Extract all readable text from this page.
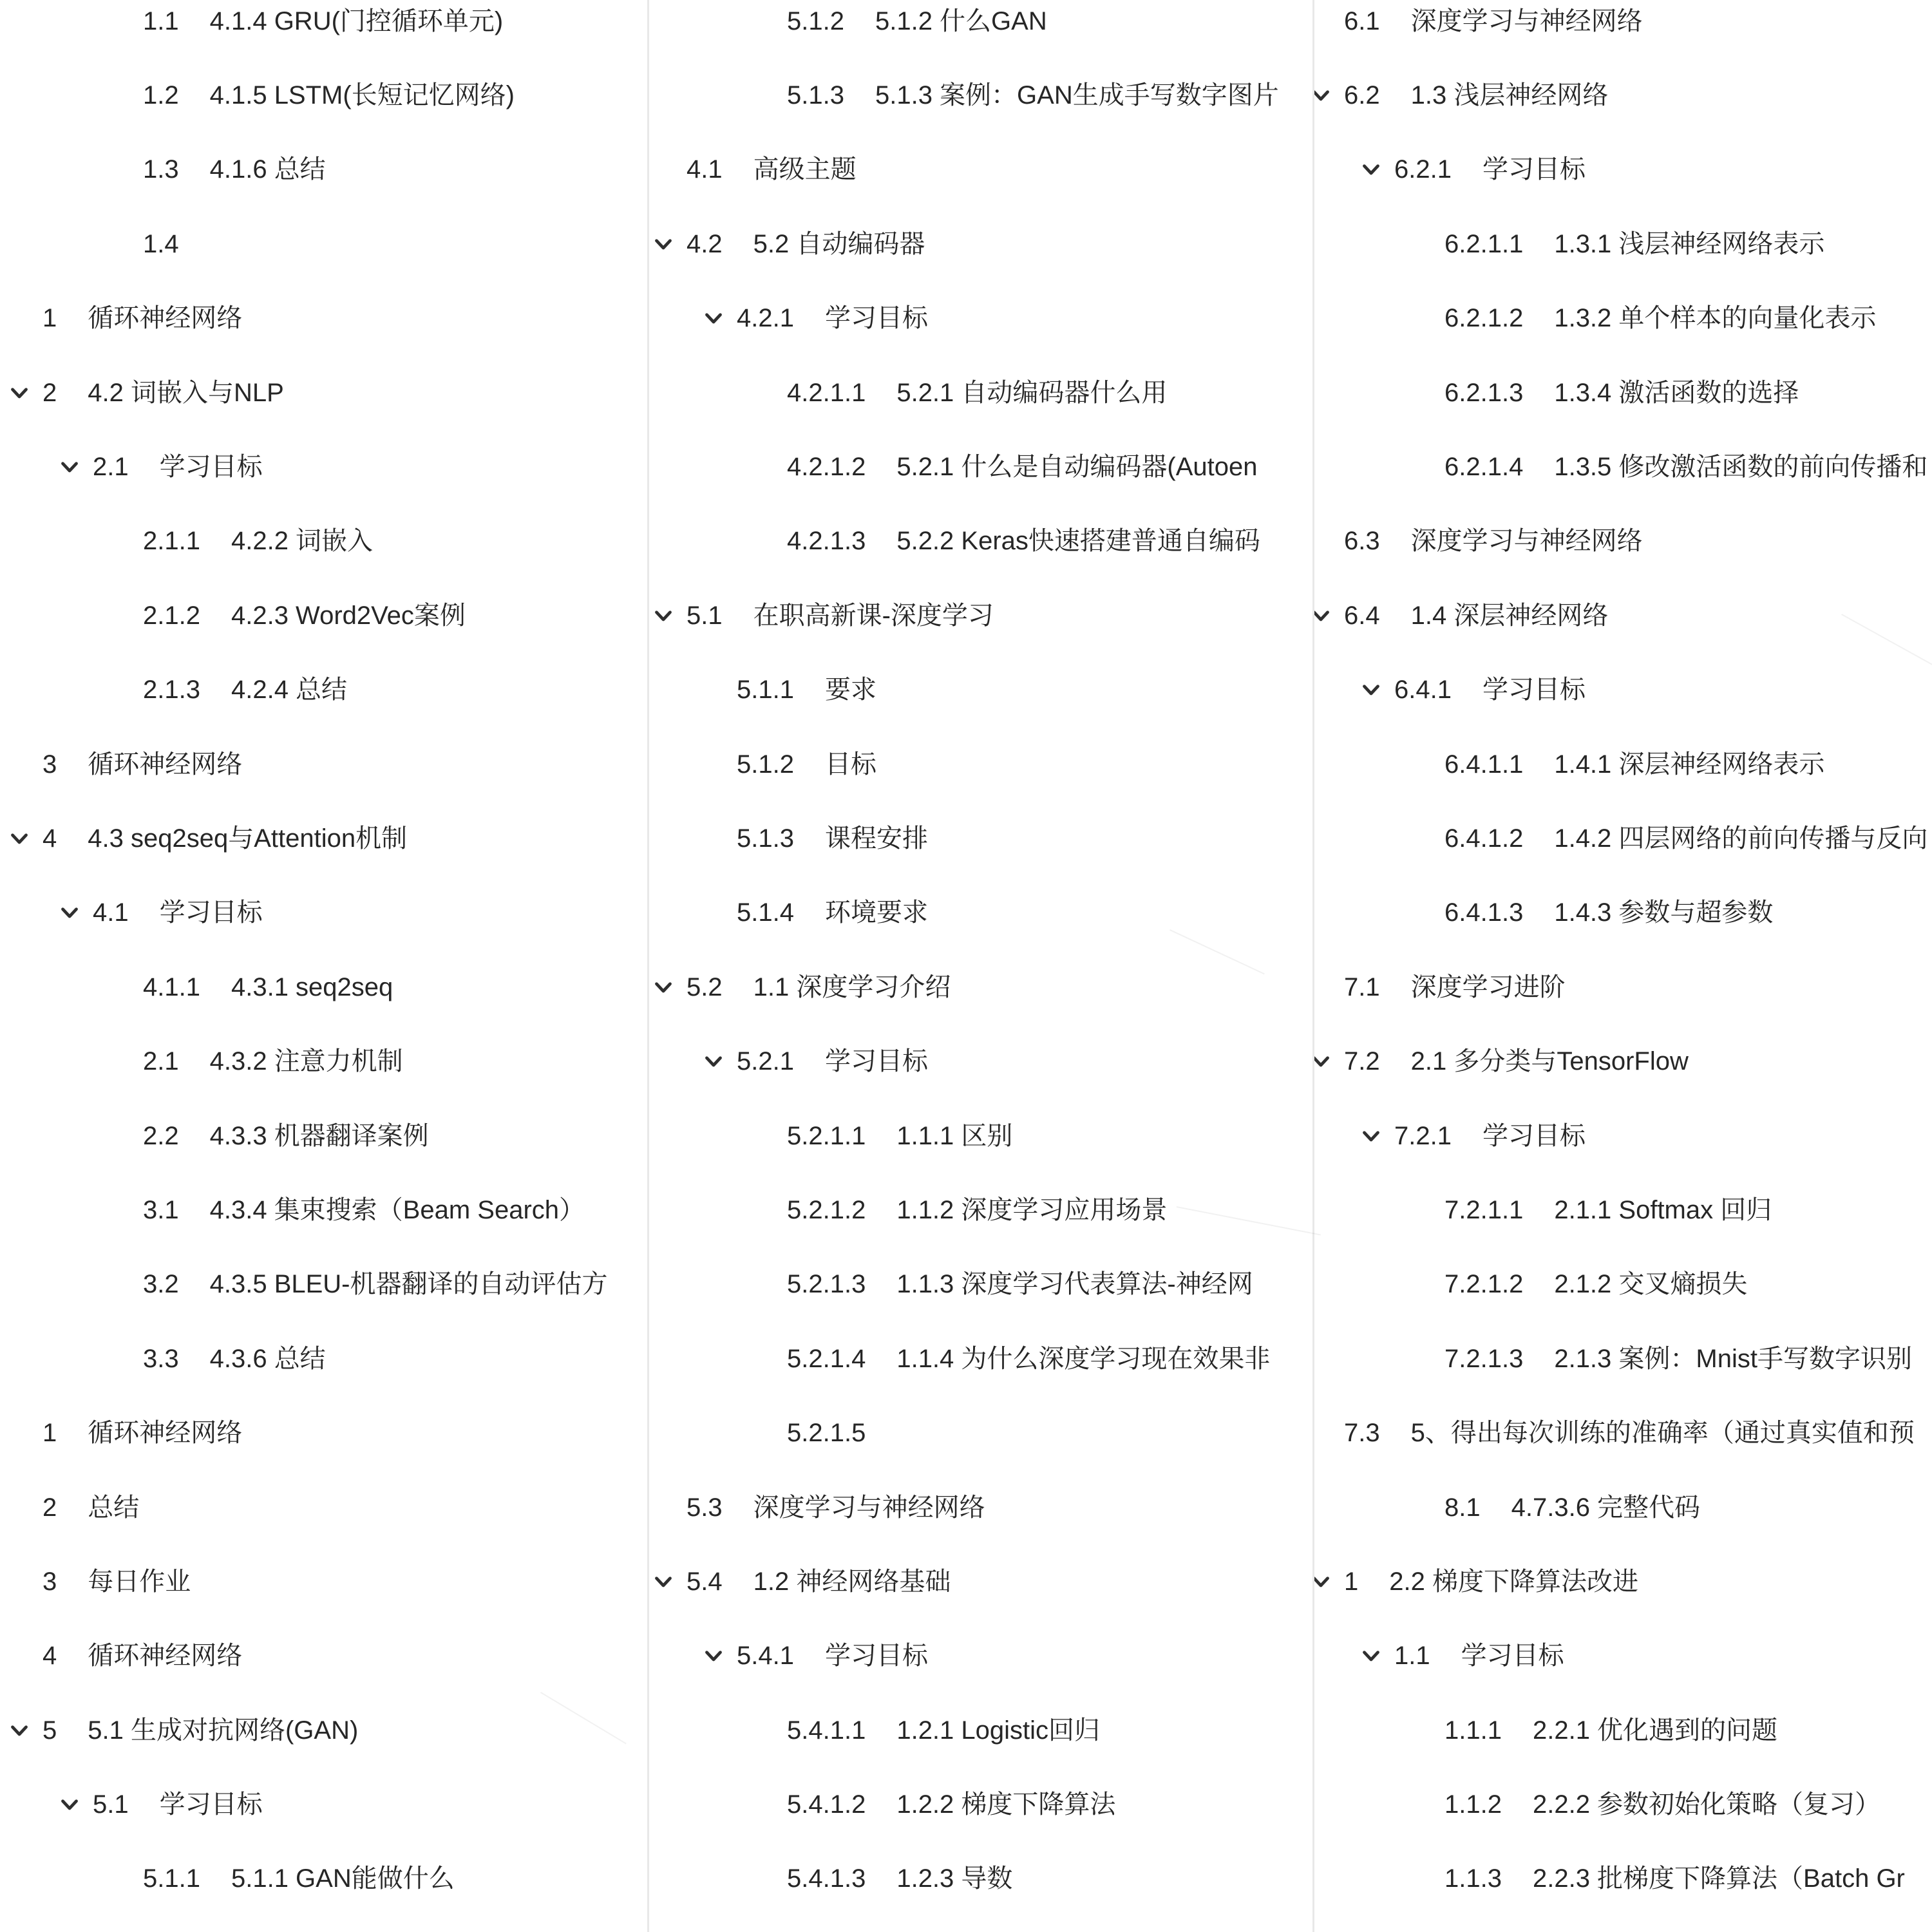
1.1 4.1.4 GRU(门控循环单元)
1.2 4.1.5 LSTM(长短记忆网络)
1.3 4.1.6 总结
1.4
1 循环神经网络
2 4.2 词嵌入与NLP
2.1 学习目标
2.1.1 4.2.2 词嵌入
2.1.2 4.2.3 Word2Vec案例
2.1.3 4.2.4 总结
3 循环神经网络
4 4.3 seq2seq与Attention机制
4.1 学习目标
4.1.1 4.3.1 seq2seq
2.1 4.3.2 注意力机制
2.2 4.3.3 机器翻译案例
3.1 4.3.4 集束搜索（Beam Search）
3.2 4.3.5 BLEU-机器翻译的自动评估方
3.3 4.3.6 总结
1 循环神经网络
2 总结
3 每日作业
4 循环神经网络
5 5.1 生成对抗网络(GAN)
5.1 学习目标
5.1.1 5.1.1 GAN能做什么
5.1.2 5.1.2 什么GAN
5.1.3 5.1.3 案例：GAN生成手写数字图片
4.1 高级主题
4.2 5.2 自动编码器
4.2.1 学习目标
4.2.1.1 5.2.1 自动编码器什么用
4.2.1.2 5.2.1 什么是自动编码器(Autoen
4.2.1.3 5.2.2 Keras快速搭建普通自编码
5.1 在职高新课-深度学习
5.1.1 要求
5.1.2 目标
5.1.3 课程安排
5.1.4 环境要求
5.2 1.1 深度学习介绍
5.2.1 学习目标
5.2.1.1 1.1.1 区别
5.2.1.2 1.1.2 深度学习应用场景
5.2.1.3 1.1.3 深度学习代表算法-神经网
5.2.1.4 1.1.4 为什么深度学习现在效果非
5.2.1.5
5.3 深度学习与神经网络
5.4 1.2 神经网络基础
5.4.1 学习目标
5.4.1.1 1.2.1 Logistic回归
5.4.1.2 1.2.2 梯度下降算法
5.4.1.3 1.2.3 导数
6.1 深度学习与神经网络
6.2 1.3 浅层神经网络
6.2.1 学习目标
6.2.1.1 1.3.1 浅层神经网络表示
6.2.1.2 1.3.2 单个样本的向量化表示
6.2.1.3 1.3.4 激活函数的选择
6.2.1.4 1.3.5 修改激活函数的前向传播和
6.3 深度学习与神经网络
6.4 1.4 深层神经网络
6.4.1 学习目标
6.4.1.1 1.4.1 深层神经网络表示
6.4.1.2 1.4.2 四层网络的前向传播与反向
6.4.1.3 1.4.3 参数与超参数
7.1 深度学习进阶
7.2 2.1 多分类与TensorFlow
7.2.1 学习目标
7.2.1.1 2.1.1 Softmax 回归
7.2.1.2 2.1.2 交叉熵损失
7.2.1.3 2.1.3 案例：Mnist手写数字识别
7.3 5、得出每次训练的准确率（通过真实值和预
8.1 4.7.3.6 完整代码
1 2.2 梯度下降算法改进
1.1 学习目标
1.1.1 2.2.1 优化遇到的问题
1.1.2 2.2.2 参数初始化策略（复习）
1.1.3 2.2.3 批梯度下降算法（Batch Gr
